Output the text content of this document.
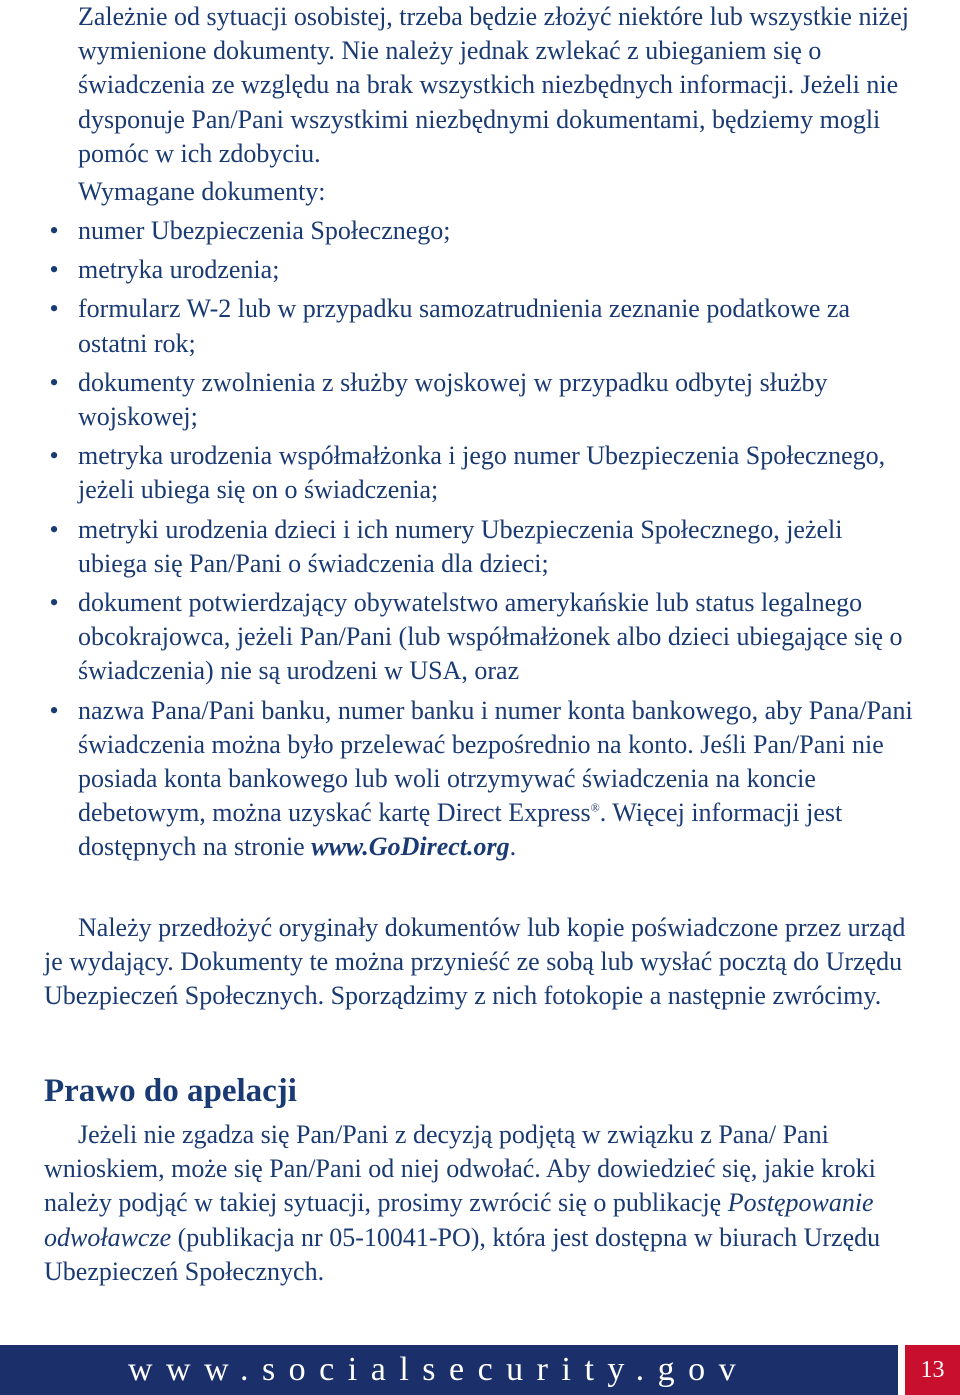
Zależnie od sytuacji osobistej, trzeba będzie złożyć niektóre lub wszystkie niżej wymienione dokumenty. Nie należy jednak zwlekać z ubieganiem się o świadczenia ze względu na brak wszystkich niezbędnych informacji. Jeżeli nie dysponuje Pan/Pani wszystkimi niezbędnymi dokumentami, będziemy mogli pomóc w ich zdobyciu.

Wymagane dokumenty:

• numer Ubezpieczenia Społecznego;
• metryka urodzenia;
• formularz W-2 lub w przypadku samozatrudnienia zeznanie podatkowe za ostatni rok;
• dokumenty zwolnienia z służby wojskowej w przypadku odbytej służby wojskowej;
• metryka urodzenia współmałżonka i jego numer Ubezpieczenia Społecznego, jeżeli ubiega się on o świadczenia;
• metryki urodzenia dzieci i ich numery Ubezpieczenia Społecznego, jeżeli ubiega się Pan/Pani o świadczenia dla dzieci;
• dokument potwierdzający obywatelstwo amerykańskie lub status legalnego obcokrajowca, jeżeli Pan/Pani (lub współmałżonek albo dzieci ubiegające się o świadczenia) nie są urodzeni w USA, oraz
• nazwa Pana/Pani banku, numer banku i numer konta bankowego, aby Pana/Pani świadczenia można było przelewać bezpośrednio na konto. Jeśli Pan/Pani nie posiada konta bankowego lub woli otrzymywać świadczenia na koncie debetowym, można uzyskać kartę Direct Express®. Więcej informacji jest dostępnych na stronie www.GoDirect.org.

Należy przedłożyć oryginały dokumentów lub kopie poświadczone przez urząd je wydający. Dokumenty te można przynieść ze sobą lub wysłać pocztą do Urzędu Ubezpieczeń Społecznych. Sporządzimy z nich fotokopie a następnie zwrócimy.

Prawo do apelacji

Jeżeli nie zgadza się Pan/Pani z decyzją podjętą w związku z Pana/ Pani wnioskiem, może się Pan/Pani od niej odwołać. Aby dowiedzieć się, jakie kroki należy podjąć w takiej sytuacji, prosimy zwrócić się o publikację Postępowanie odwoławcze (publikacja nr 05-10041-PO), która jest dostępna w biurach Urzędu Ubezpieczeń Społecznych.

www.socialsecurity.gov	13
